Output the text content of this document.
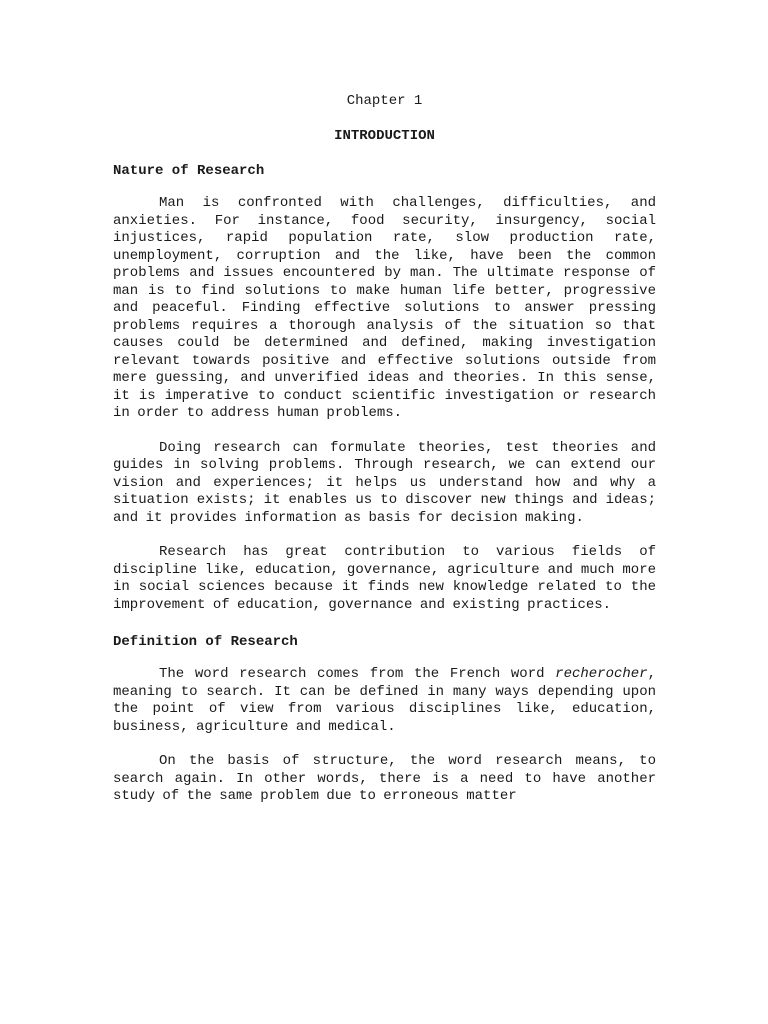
Chapter 1

INTRODUCTION

Nature of Research

Man is confronted with challenges, difficulties, and anxieties. For instance, food security, insurgency, social injustices, rapid population rate, slow production rate, unemployment, corruption and the like, have been the common problems and issues encountered by man. The ultimate response of man is to find solutions to make human life better, progressive and peaceful. Finding effective solutions to answer pressing problems requires a thorough analysis of the situation so that causes could be determined and defined, making investigation relevant towards positive and effective solutions outside from mere guessing, and unverified ideas and theories. In this sense, it is imperative to conduct scientific investigation or research in order to address human problems.

Doing research can formulate theories, test theories and guides in solving problems. Through research, we can extend our vision and experiences; it helps us understand how and why a situation exists; it enables us to discover new things and ideas; and it provides information as basis for decision making.

Research has great contribution to various fields of discipline like, education, governance, agriculture and much more in social sciences because it finds new knowledge related to the improvement of education, governance and existing practices.

Definition of Research

The word research comes from the French word recherocher, meaning to search. It can be defined in many ways depending upon the point of view from various disciplines like, education, business, agriculture and medical.

On the basis of structure, the word research means, to search again. In other words, there is a need to have another study of the same problem due to erroneous matter
